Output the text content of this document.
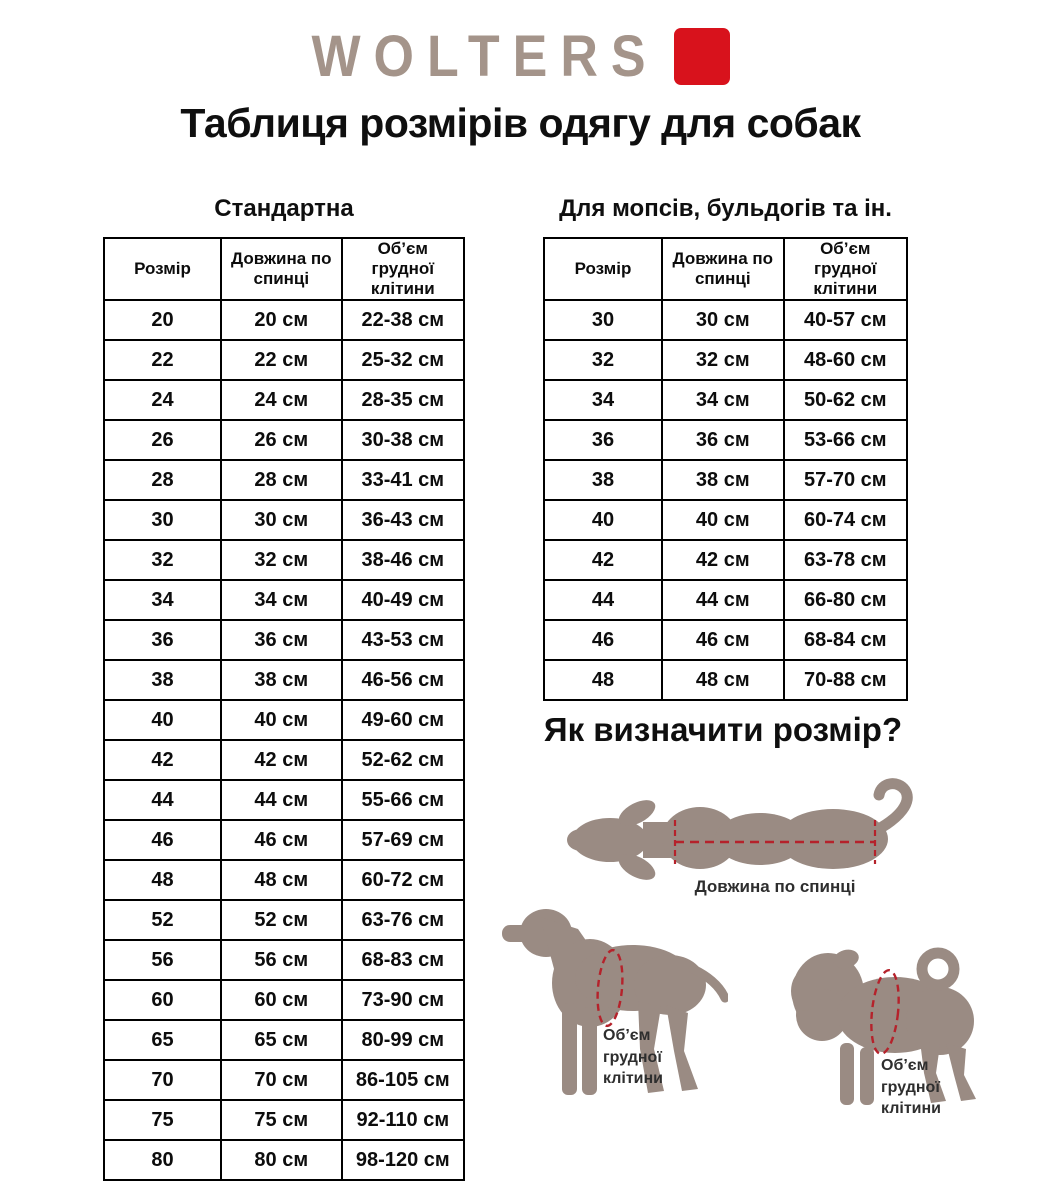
WOLTERS
Таблиця розмірів одягу для собак
Стандартна	Для мопсів, бульдогів та ін.
Розмір	Довжина по спинці	Об’єм грудної клітини
20	20 см	22-38 см
22	22 см	25-32 см
24	24 см	28-35 см
26	26 см	30-38 см
28	28 см	33-41 см
30	30 см	36-43 см
32	32 см	38-46 см
34	34 см	40-49 см
36	36 см	43-53 см
38	38 см	46-56 см
40	40 см	49-60 см
42	42 см	52-62 см
44	44 см	55-66 см
46	46 см	57-69 см
48	48 см	60-72 см
52	52 см	63-76 см
56	56 см	68-83 см
60	60 см	73-90 см
65	65 см	80-99 см
70	70 см	86-105 см
75	75 см	92-110 см
80	80 см	98-120 см
Розмір	Довжина по спинці	Об’єм грудної клітини
30	30 см	40-57 см
32	32 см	48-60 см
34	34 см	50-62 см
36	36 см	53-66 см
38	38 см	57-70 см
40	40 см	60-74 см
42	42 см	63-78 см
44	44 см	66-80 см
46	46 см	68-84 см
48	48 см	70-88 см
Як визначити розмір?
Довжина по спинці
Об’єм грудної клітини
Об’єм грудної клітини
